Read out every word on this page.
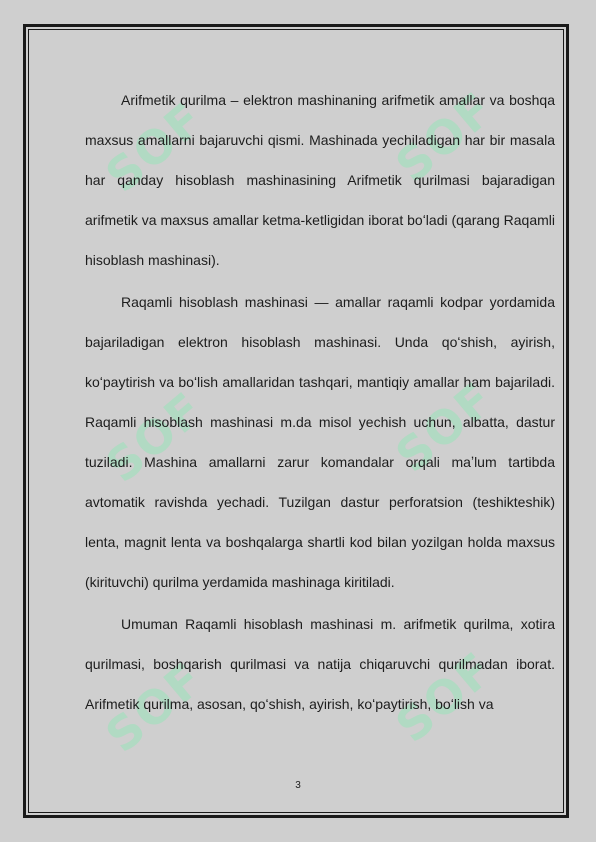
SOF	SOF
SOF	SOF
SOF	SOF

Arifmetik qurilma – elektron mashinaning arifmetik amallar va boshqa maxsus amallarni bajaruvchi qismi. Mashinada yechiladigan har bir masala har qanday hisoblash mashinasining Arifmetik qurilmasi bajaradigan arifmetik va maxsus amallar ketma-ketligidan iborat boʻladi (qarang Raqamli hisoblash mashinasi).

Raqamli hisoblash mashinasi — amallar raqamli kodpar yordamida bajariladigan elektron hisoblash mashinasi. Unda qoʻshish, ayirish, koʻpaytirish va boʻlish amallaridan tashqari, mantiqiy amallar ham bajariladi. Raqamli hisoblash mashinasi m.da misol yechish uchun, albatta, dastur tuziladi. Mashina amallarni zarur komandalar orqali maʼlum tartibda avtomatik ravishda yechadi. Tuzilgan dastur perforatsion (teshikteshik) lenta, magnit lenta va boshqalarga shartli kod bilan yozilgan holda maxsus (kirituvchi) qurilma yerdamida mashinaga kiritiladi.

Umuman Raqamli hisoblash mashinasi m. arifmetik qurilma, xotira qurilmasi, boshqarish qurilmasi va natija chiqaruvchi qurilmadan iborat. Arifmetik qurilma, asosan, qoʻshish, ayirish, koʻpaytirish, boʻlish va

3
